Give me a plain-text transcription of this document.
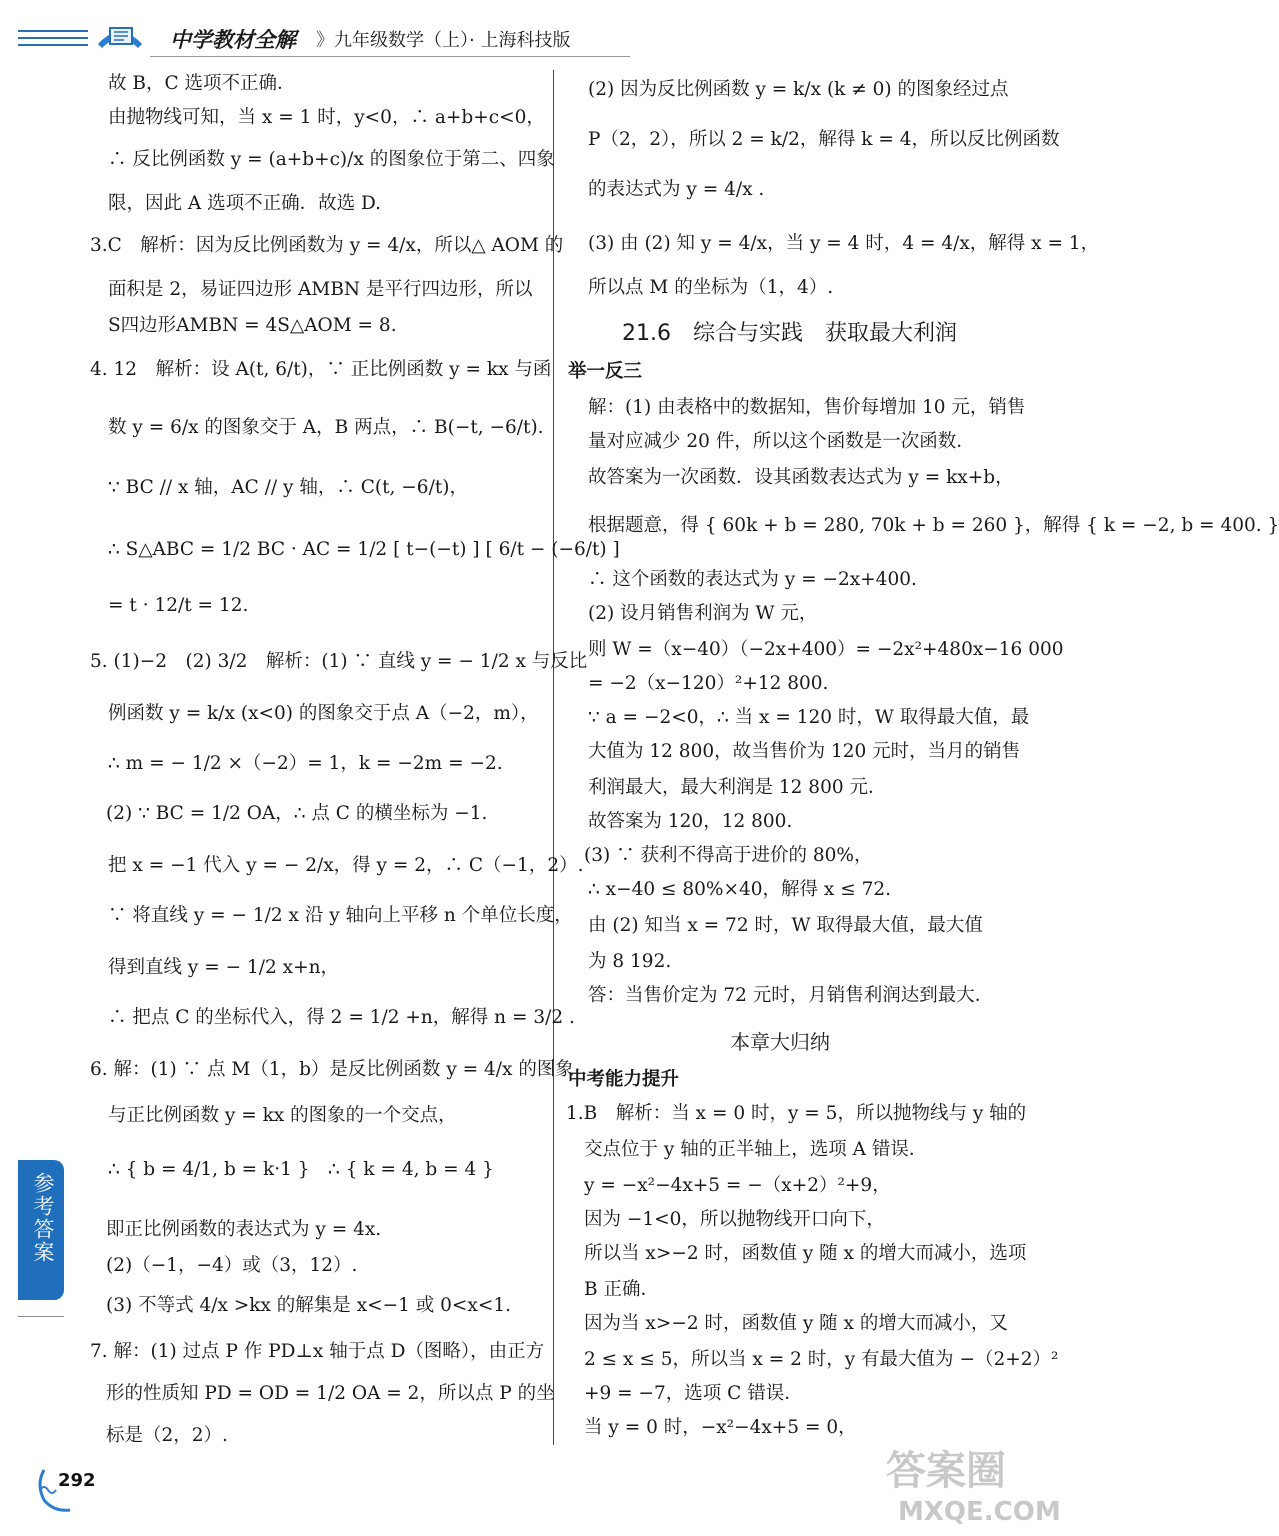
中学教材全解 》九年级数学（上）· 上海科技版
故 B，C 选项不正确．
由抛物线可知，当 x = 1 时，y<0，∴ a+b+c<0，
∴ 反比例函数 y = (a+b+c)/x 的图象位于第二、四象
限，因此 A 选项不正确．故选 D.
3.C　解析：因为反比例函数为 y = 4/x，所以△ AOM 的
面积是 2，易证四边形 AMBN 是平行四边形，所以
S四边形AMBN = 4S△AOM = 8.
4. 12　解析：设 A(t, 6/t)，∵ 正比例函数 y = kx 与函
数 y = 6/x 的图象交于 A，B 两点，∴ B(−t, −6/t).
∵ BC // x 轴，AC // y 轴，∴ C(t, −6/t)，
∴ S△ABC = 1/2 BC · AC = 1/2 [ t−(−t) ] [ 6/t − (−6/t) ]
= t · 12/t = 12.
5. (1)−2　(2) 3/2　解析：(1) ∵ 直线 y = − 1/2 x 与反比
例函数 y = k/x (x<0) 的图象交于点 A（−2，m），
∴ m = − 1/2 ×（−2）= 1，k = −2m = −2.
(2) ∵ BC = 1/2 OA，∴ 点 C 的横坐标为 −1.
把 x = −1 代入 y = − 2/x，得 y = 2，∴ C（−1，2）.
∵ 将直线 y = − 1/2 x 沿 y 轴向上平移 n 个单位长度，
得到直线 y = − 1/2 x+n，
∴ 把点 C 的坐标代入，得 2 = 1/2 +n，解得 n = 3/2 .
6. 解：(1) ∵ 点 M（1，b）是反比例函数 y = 4/x 的图象
与正比例函数 y = kx 的图象的一个交点，
∴ { b = 4/1, b = k·1 }　∴ { k = 4, b = 4 }
即正比例函数的表达式为 y = 4x.
(2)（−1，−4）或（3，12）.
(3) 不等式 4/x >kx 的解集是 x<−1 或 0<x<1.
7. 解：(1) 过点 P 作 PD⊥x 轴于点 D（图略），由正方
形的性质知 PD = OD = 1/2 OA = 2，所以点 P 的坐
标是（2，2）.
(2) 因为反比例函数 y = k/x (k ≠ 0) 的图象经过点
P（2，2），所以 2 = k/2，解得 k = 4，所以反比例函数
的表达式为 y = 4/x .
(3) 由 (2) 知 y = 4/x，当 y = 4 时，4 = 4/x，解得 x = 1，
所以点 M 的坐标为（1，4）.
21.6　综合与实践　获取最大利润
举一反三
解：(1) 由表格中的数据知，售价每增加 10 元，销售
量对应减少 20 件，所以这个函数是一次函数．
故答案为一次函数．设其函数表达式为 y = kx+b，
根据题意，得 { 60k + b = 280, 70k + b = 260 }，解得 { k = −2, b = 400. }
∴ 这个函数的表达式为 y = −2x+400.
(2) 设月销售利润为 W 元，
则 W =（x−40）（−2x+400）= −2x²+480x−16 000
= −2（x−120）²+12 800.
∵ a = −2<0，∴ 当 x = 120 时，W 取得最大值，最
大值为 12 800，故当售价为 120 元时，当月的销售
利润最大，最大利润是 12 800 元．
故答案为 120，12 800.
(3) ∵ 获利不得高于进价的 80%，
∴ x−40 ≤ 80%×40，解得 x ≤ 72.
由 (2) 知当 x = 72 时，W 取得最大值，最大值
为 8 192.
答：当售价定为 72 元时，月销售利润达到最大．
本章大归纳
中考能力提升
1.B　解析：当 x = 0 时，y = 5，所以抛物线与 y 轴的
交点位于 y 轴的正半轴上，选项 A 错误．
y = −x²−4x+5 = −（x+2）²+9，
因为 −1<0，所以抛物线开口向下，
所以当 x>−2 时，函数值 y 随 x 的增大而减小，选项
B 正确．
因为当 x>−2 时，函数值 y 随 x 的增大而减小，又
2 ≤ x ≤ 5，所以当 x = 2 时，y 有最大值为 −（2+2）²
+9 = −7，选项 C 错误．
当 y = 0 时，−x²−4x+5 = 0，
参考答案
292	答案圈
MXQE.COM
